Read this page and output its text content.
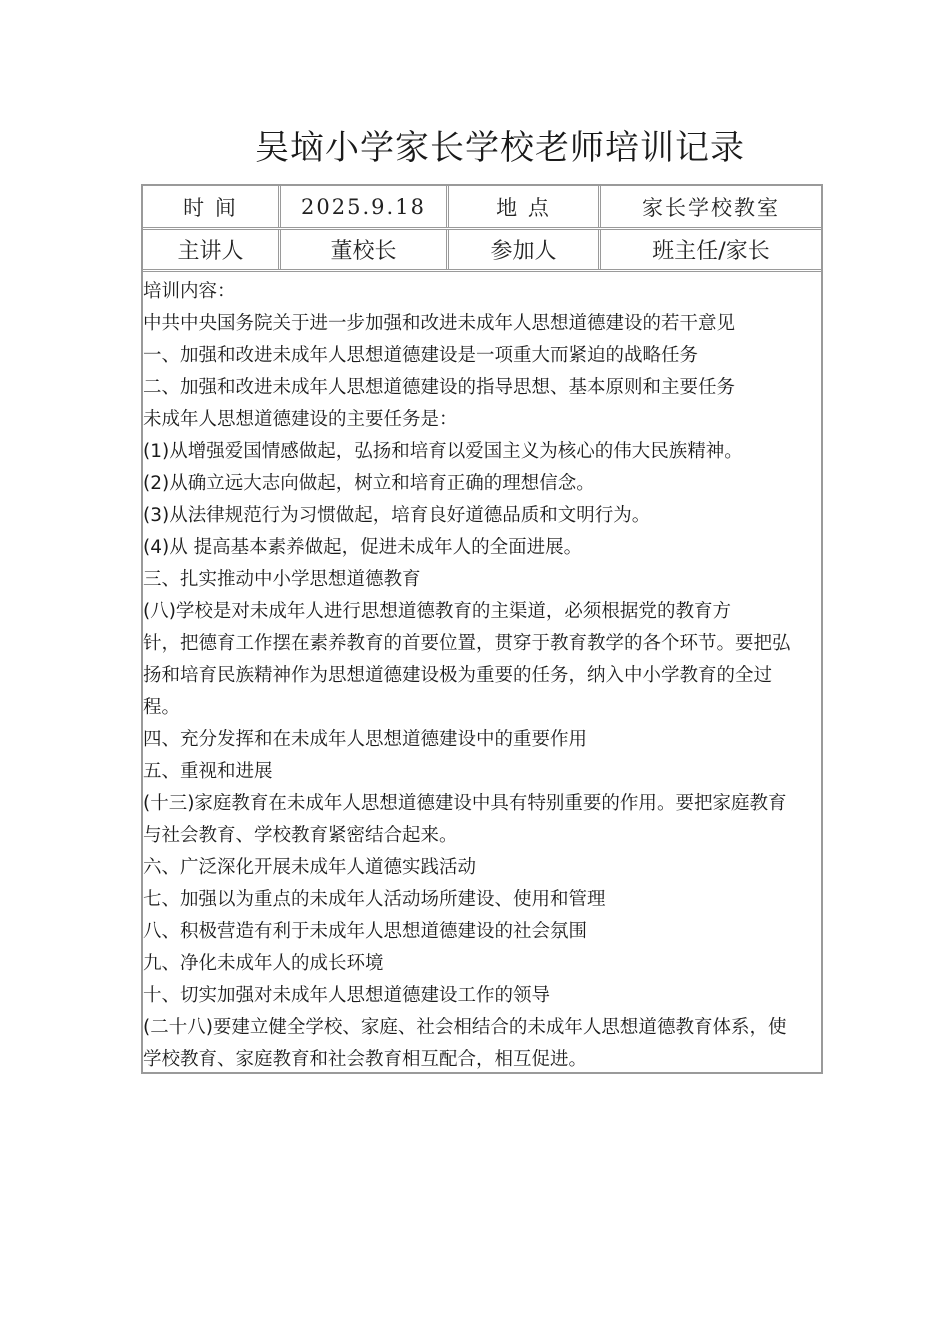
吴垴小学家长学校老师培训记录
时 间	2025.9.18	地 点	家长学校教室
主讲人	董校长	参加人	班主任/家长
培训内容：
中共中央国务院关于进一步加强和改进未成年人思想道德建设的若干意见
一、加强和改进未成年人思想道德建设是一项重大而紧迫的战略任务
二、加强和改进未成年人思想道德建设的指导思想、基本原则和主要任务
未成年人思想道德建设的主要任务是：
(1)从增强爱国情感做起，弘扬和培育以爱国主义为核心的伟大民族精神。
(2)从确立远大志向做起，树立和培育正确的理想信念。
(3)从法律规范行为习惯做起，培育良好道德品质和文明行为。
(4)从 提高基本素养做起，促进未成年人的全面进展。
三、扎实推动中小学思想道德教育
(八)学校是对未成年人进行思想道德教育的主渠道，必须根据党的教育方
针，把德育工作摆在素养教育的首要位置，贯穿于教育教学的各个环节。要把弘
扬和培育民族精神作为思想道德建设极为重要的任务，纳入中小学教育的全过
程。
四、充分发挥和在未成年人思想道德建设中的重要作用
五、重视和进展
(十三)家庭教育在未成年人思想道德建设中具有特别重要的作用。要把家庭教育
与社会教育、学校教育紧密结合起来。
六、广泛深化开展未成年人道德实践活动
七、加强以为重点的未成年人活动场所建设、使用和管理
八、积极营造有利于未成年人思想道德建设的社会氛围
九、净化未成年人的成长环境
十、切实加强对未成年人思想道德建设工作的领导
(二十八)要建立健全学校、家庭、社会相结合的未成年人思想道德教育体系，使
学校教育、家庭教育和社会教育相互配合，相互促进。
